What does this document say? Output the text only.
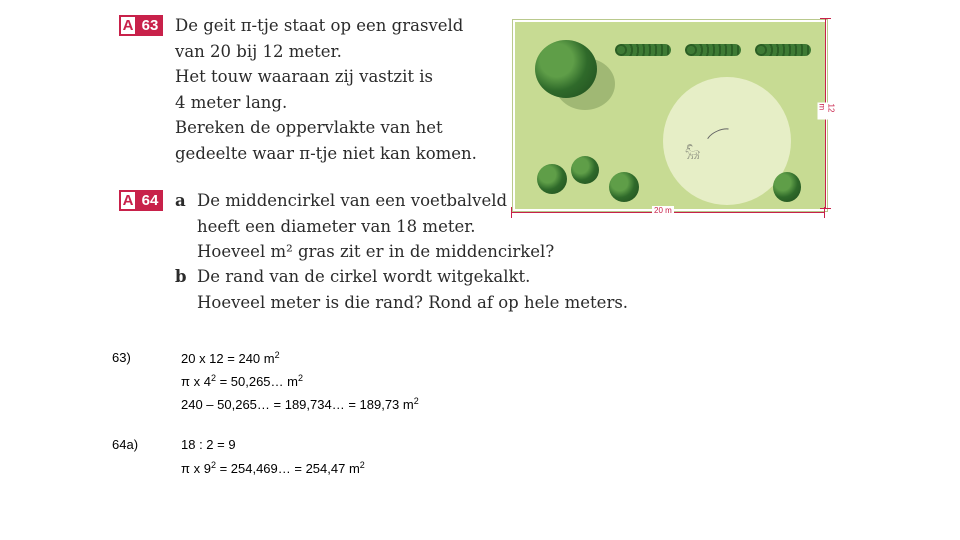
A 63 De geit π-tje staat op een grasveld
van 20 bij 12 meter.
Het touw waaraan zij vastzit is
4 meter lang.
Bereken de oppervlakte van het
gedeelte waar π-tje niet kan komen.
A 64 a De middencirkel van een voetbalveld
heeft een diameter van 18 meter.
Hoeveel m² gras zit er in de middencirkel?
b De rand van de cirkel wordt witgekalkt.
Hoeveel meter is die rand? Rond af op hele meters.
𓃵
12 m
20 m
63)	20 x 12 = 240 $m^2$
π x $4^2$ = 50,265… $m^2$
240 – 50,265… = 189,734… = 189,73 $m^2$
64a)	18 : 2 = 9
π x $9^2$ = 254,469… = 254,47 $m^2$
